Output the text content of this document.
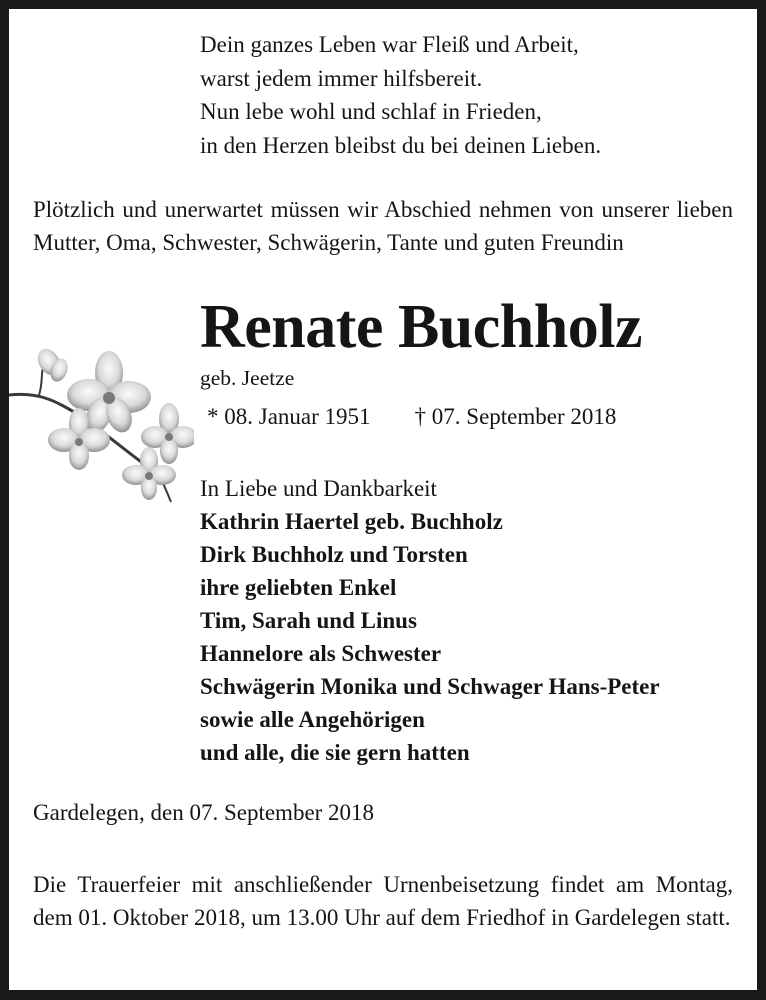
Dein ganzes Leben war Fleiß und Arbeit,
warst jedem immer hilfsbereit.
Nun lebe wohl und schlaf in Frieden,
in den Herzen bleibst du bei deinen Lieben.
Plötzlich und unerwartet müssen wir Abschied nehmen von unserer lieben Mutter, Oma, Schwester, Schwägerin, Tante und guten Freundin
Renate Buchholz
geb. Jeetze
* 08. Januar 1951 † 07. September 2018
In Liebe und Dankbarkeit
Kathrin Haertel geb. Buchholz
Dirk Buchholz und Torsten
ihre geliebten Enkel
Tim, Sarah und Linus
Hannelore als Schwester
Schwägerin Monika und Schwager Hans-Peter
sowie alle Angehörigen
und alle, die sie gern hatten
Gardelegen, den 07. September 2018
Die Trauerfeier mit anschließender Urnenbeisetzung findet am Montag, dem 01. Oktober 2018, um 13.00 Uhr auf dem Friedhof in Gardelegen statt.
